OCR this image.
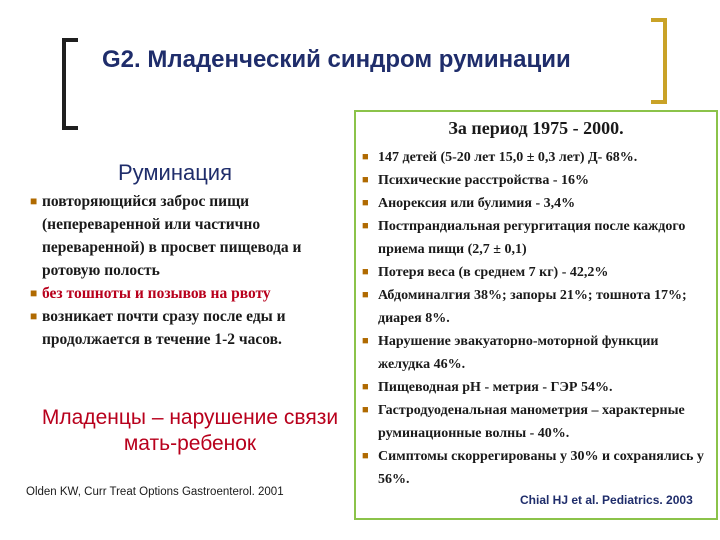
G2. Младенческий синдром руминации
Руминация
■ повторяющийся заброс пищи (непереваренной или частично переваренной) в просвет пищевода и ротовую полость
■ без тошноты и позывов на рвоту
■ возникает почти сразу после еды и продолжается в течение 1-2 часов.
Младенцы – нарушение связи мать-ребенок
Olden KW, Curr Treat Options Gastroenterol. 2001
За период 1975 - 2000.
■ 147 детей (5-20 лет 15,0 ± 0,3 лет) Д- 68%.
■ Психические расстройства - 16%
■ Анорексия или булимия - 3,4%
■ Постпрандиальная регургитация после каждого приема пищи (2,7 ± 0,1)
■ Потеря веса (в среднем 7 кг) - 42,2%
■ Абдоминалгия 38%; запоры 21%; тошнота 17%; диарея 8%.
■ Нарушение эвакуаторно-моторной функции желудка 46%.
■ Пищеводная рН - метрия - ГЭР 54%.
■ Гастродуоденальная манометрия – характерные руминационные волны - 40%.
■ Симптомы скоррегированы у 30% и сохранялись у 56%.
Chial HJ et al. Pediatrics. 2003
